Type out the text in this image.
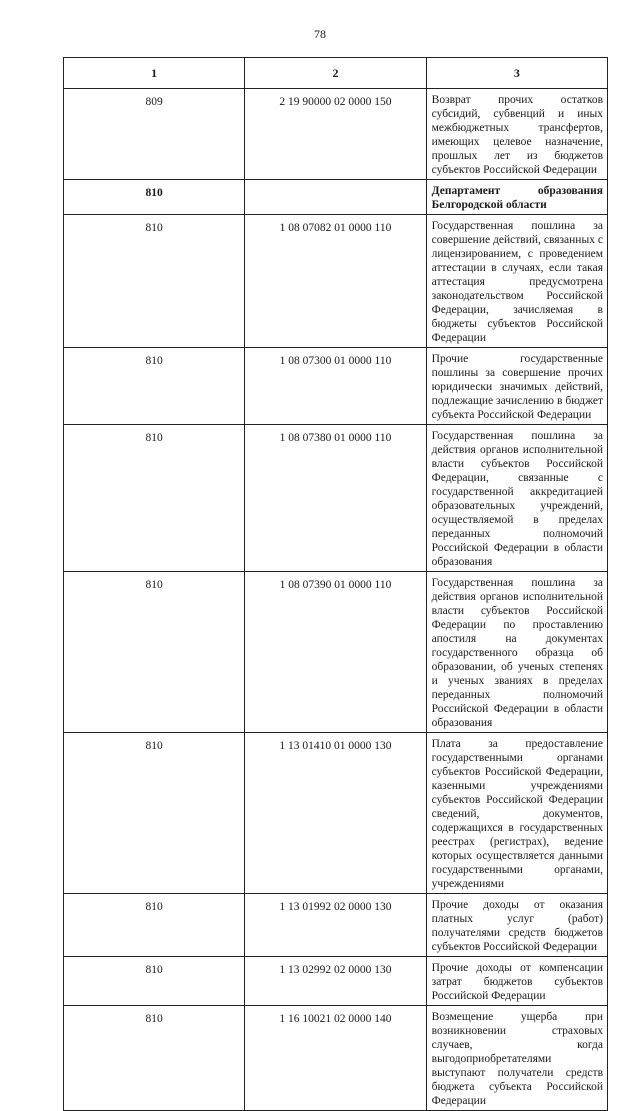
78
1	2	3
809	2 19 90000 02 0000 150	Возврат прочих остатков субсидий, субвенций и иных межбюджетных трансфертов, имеющих целевое назначение, прошлых лет из бюджетов субъектов Российской Федерации
810		Департамент образования Белгородской области
810	1 08 07082 01 0000 110	Государственная пошлина за совершение действий, связанных с лицензированием, с проведением аттестации в случаях, если такая аттестация предусмотрена законодательством Российской Федерации, зачисляемая в бюджеты субъектов Российской Федерации
810	1 08 07300 01 0000 110	Прочие государственные пошлины за совершение прочих юридически значимых действий, подлежащие зачислению в бюджет субъекта Российской Федерации
810	1 08 07380 01 0000 110	Государственная пошлина за действия органов исполнительной власти субъектов Российской Федерации, связанные с государственной аккредитацией образовательных учреждений, осуществляемой в пределах переданных полномочий Российской Федерации в области образования
810	1 08 07390 01 0000 110	Государственная пошлина за действия органов исполнительной власти субъектов Российской Федерации по проставлению апостиля на документах государственного образца об образовании, об ученых степенях и ученых званиях в пределах переданных полномочий Российской Федерации в области образования
810	1 13 01410 01 0000 130	Плата за предоставление государственными органами субъектов Российской Федерации, казенными учреждениями субъектов Российской Федерации сведений, документов, содержащихся в государственных реестрах (регистрах), ведение которых осуществляется данными государственными органами, учреждениями
810	1 13 01992 02 0000 130	Прочие доходы от оказания платных услуг (работ) получателями средств бюджетов субъектов Российской Федерации
810	1 13 02992 02 0000 130	Прочие доходы от компенсации затрат бюджетов субъектов Российской Федерации
810	1 16 10021 02 0000 140	Возмещение ущерба при возникновении страховых случаев, когда выгодоприобретателями выступают получатели средств бюджета субъекта Российской Федерации
